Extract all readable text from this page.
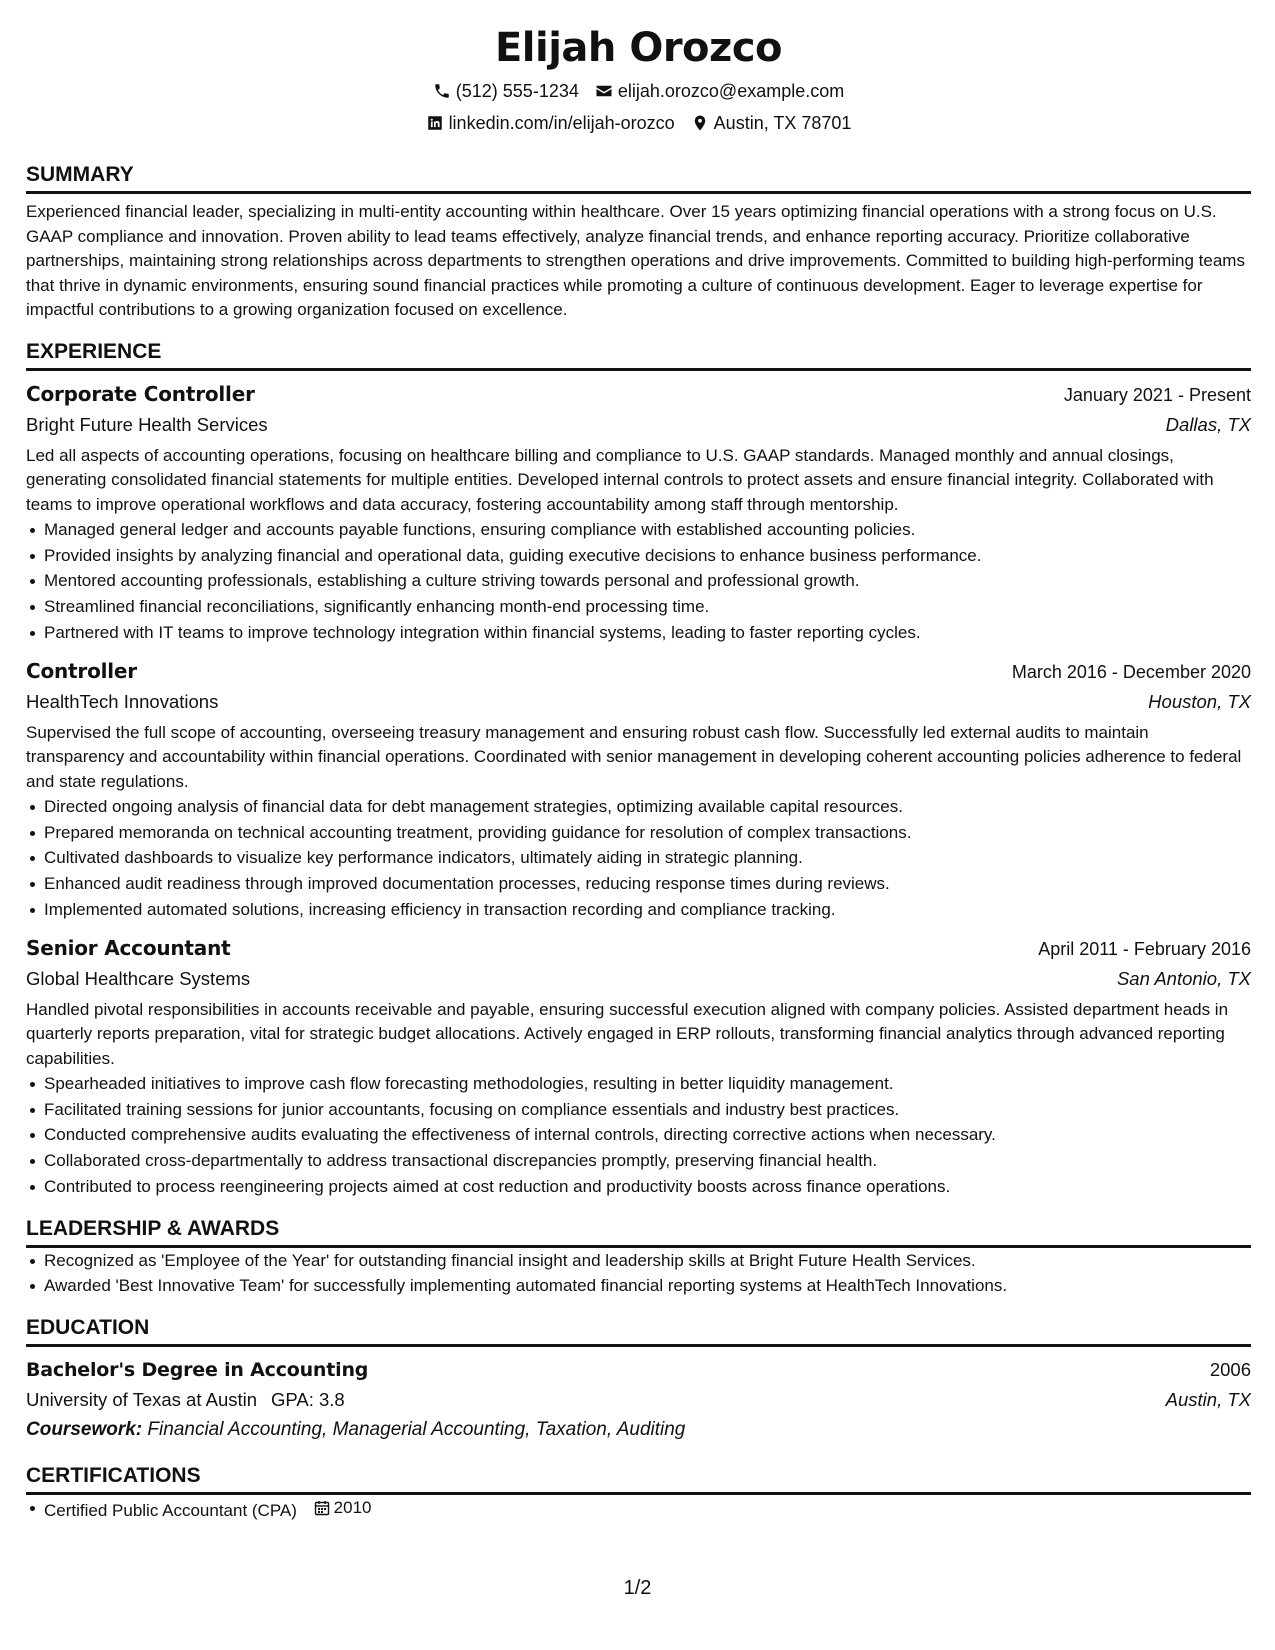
Elijah Orozco
(512) 555-1234 elijah.orozco@example.com
linkedin.com/in/elijah-orozco Austin, TX 78701
SUMMARY

Experienced financial leader, specializing in multi-entity accounting within healthcare. Over 15 years optimizing financial operations with a strong focus on U.S. GAAP compliance and innovation. Proven ability to lead teams effectively, analyze financial trends, and enhance reporting accuracy. Prioritize collaborative partnerships, maintaining strong relationships across departments to strengthen operations and drive improvements. Committed to building high-performing teams that thrive in dynamic environments, ensuring sound financial practices while promoting a culture of continuous development. Eager to leverage expertise for impactful contributions to a growing organization focused on excellence.

EXPERIENCE
Corporate Controller	January 2021 - Present
Bright Future Health Services	Dallas, TX

Led all aspects of accounting operations, focusing on healthcare billing and compliance to U.S. GAAP standards. Managed monthly and annual closings, generating consolidated financial statements for multiple entities. Developed internal controls to protect assets and ensure financial integrity. Collaborated with teams to improve operational workflows and data accuracy, fostering accountability among staff through mentorship.

Managed general ledger and accounts payable functions, ensuring compliance with established accounting policies.
Provided insights by analyzing financial and operational data, guiding executive decisions to enhance business performance.
Mentored accounting professionals, establishing a culture striving towards personal and professional growth.
Streamlined financial reconciliations, significantly enhancing month-end processing time.
Partnered with IT teams to improve technology integration within financial systems, leading to faster reporting cycles.
Controller	March 2016 - December 2020
HealthTech Innovations	Houston, TX

Supervised the full scope of accounting, overseeing treasury management and ensuring robust cash flow. Successfully led external audits to maintain transparency and accountability within financial operations. Coordinated with senior management in developing coherent accounting policies adherence to federal and state regulations.

Directed ongoing analysis of financial data for debt management strategies, optimizing available capital resources.
Prepared memoranda on technical accounting treatment, providing guidance for resolution of complex transactions.
Cultivated dashboards to visualize key performance indicators, ultimately aiding in strategic planning.
Enhanced audit readiness through improved documentation processes, reducing response times during reviews.
Implemented automated solutions, increasing efficiency in transaction recording and compliance tracking.
Senior Accountant	April 2011 - February 2016
Global Healthcare Systems	San Antonio, TX

Handled pivotal responsibilities in accounts receivable and payable, ensuring successful execution aligned with company policies. Assisted department heads in quarterly reports preparation, vital for strategic budget allocations. Actively engaged in ERP rollouts, transforming financial analytics through advanced reporting capabilities.

Spearheaded initiatives to improve cash flow forecasting methodologies, resulting in better liquidity management.
Facilitated training sessions for junior accountants, focusing on compliance essentials and industry best practices.
Conducted comprehensive audits evaluating the effectiveness of internal controls, directing corrective actions when necessary.
Collaborated cross-departmentally to address transactional discrepancies promptly, preserving financial health.
Contributed to process reengineering projects aimed at cost reduction and productivity boosts across finance operations.
LEADERSHIP & AWARDS
Recognized as 'Employee of the Year' for outstanding financial insight and leadership skills at Bright Future Health Services.
Awarded 'Best Innovative Team' for successfully implementing automated financial reporting systems at HealthTech Innovations.
EDUCATION
Bachelor's Degree in Accounting	2006
University of Texas at Austin GPA: 3.8	Austin, TX
Coursework: Financial Accounting, Managerial Accounting, Taxation, Auditing
CERTIFICATIONS
Certified Public Accountant (CPA) 2010
1/2
